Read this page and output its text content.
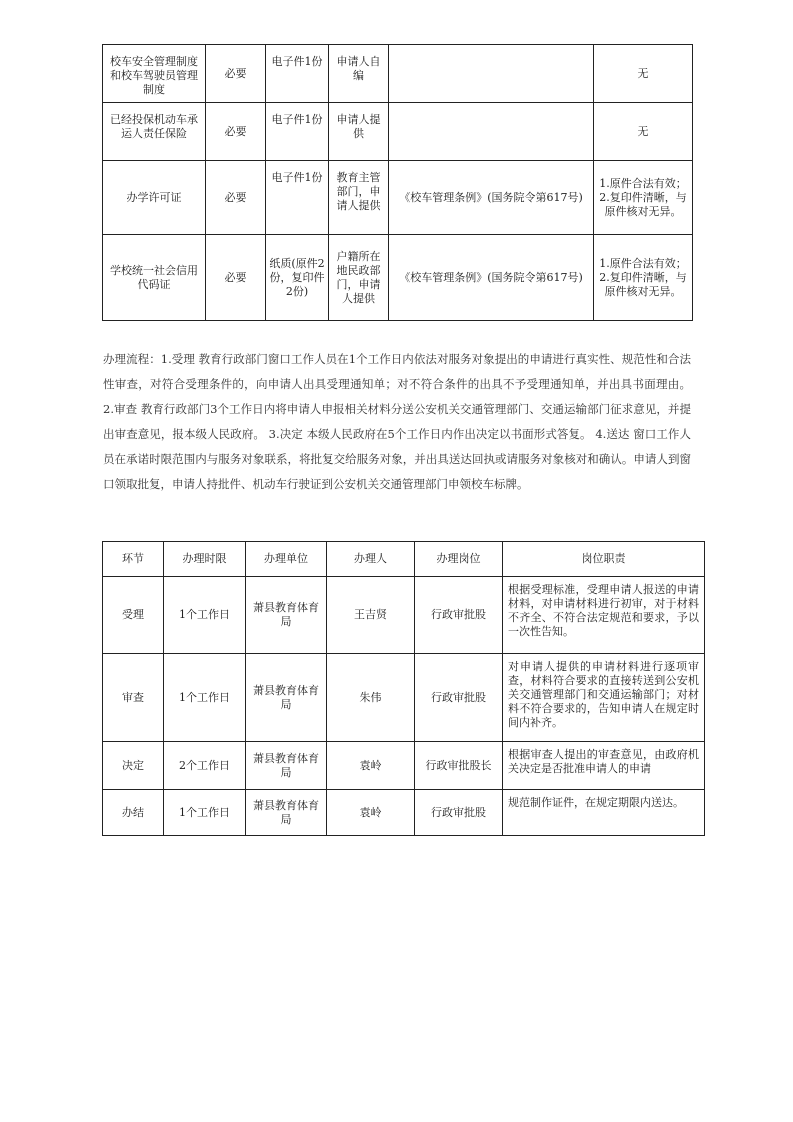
校车安全管理制度和校车驾驶员管理制度	必要	电子件1份	申请人自编		无
已经投保机动车承运人责任保险	必要	电子件1份	申请人提供		无
办学许可证	必要	电子件1份	教育主管部门，申请人提供	《校车管理条例》(国务院令第617号)	1.原件合法有效；2.复印件清晰，与原件核对无异。
学校统一社会信用代码证	必要	纸质(原件2份，复印件2份)	户籍所在地民政部门，申请人提供	《校车管理条例》(国务院令第617号)	1.原件合法有效；2.复印件清晰，与原件核对无异。
办理流程：1.受理 教育行政部门窗口工作人员在1个工作日内依法对服务对象提出的申请进行真实性、规范性和合法性审查，对符合受理条件的，向申请人出具受理通知单；对不符合条件的出具不予受理通知单，并出具书面理由。 2.审查 教育行政部门3个工作日内将申请人申报相关材料分送公安机关交通管理部门、交通运输部门征求意见，并提出审查意见，报本级人民政府。 3.决定 本级人民政府在5个工作日内作出决定以书面形式答复。 4.送达 窗口工作人员在承诺时限范围内与服务对象联系，将批复交给服务对象，并出具送达回执或请服务对象核对和确认。申请人到窗口领取批复，申请人持批件、机动车行驶证到公安机关交通管理部门申领校车标牌。
环节	办理时限	办理单位	办理人	办理岗位	岗位职责
受理	1个工作日	萧县教育体育局	王吉贤	行政审批股	根据受理标准，受理申请人报送的申请材料，对申请材料进行初审，对于材料不齐全、不符合法定规范和要求，予以一次性告知。
审查	1个工作日	萧县教育体育局	朱伟	行政审批股	对申请人提供的申请材料进行逐项审查，材料符合要求的直接转送到公安机关交通管理部门和交通运输部门；对材料不符合要求的，告知申请人在规定时间内补齐。
决定	2个工作日	萧县教育体育局	袁岭	行政审批股长	根据审查人提出的审查意见，由政府机关决定是否批准申请人的申请
办结	1个工作日	萧县教育体育局	袁岭	行政审批股	规范制作证件，在规定期限内送达。
